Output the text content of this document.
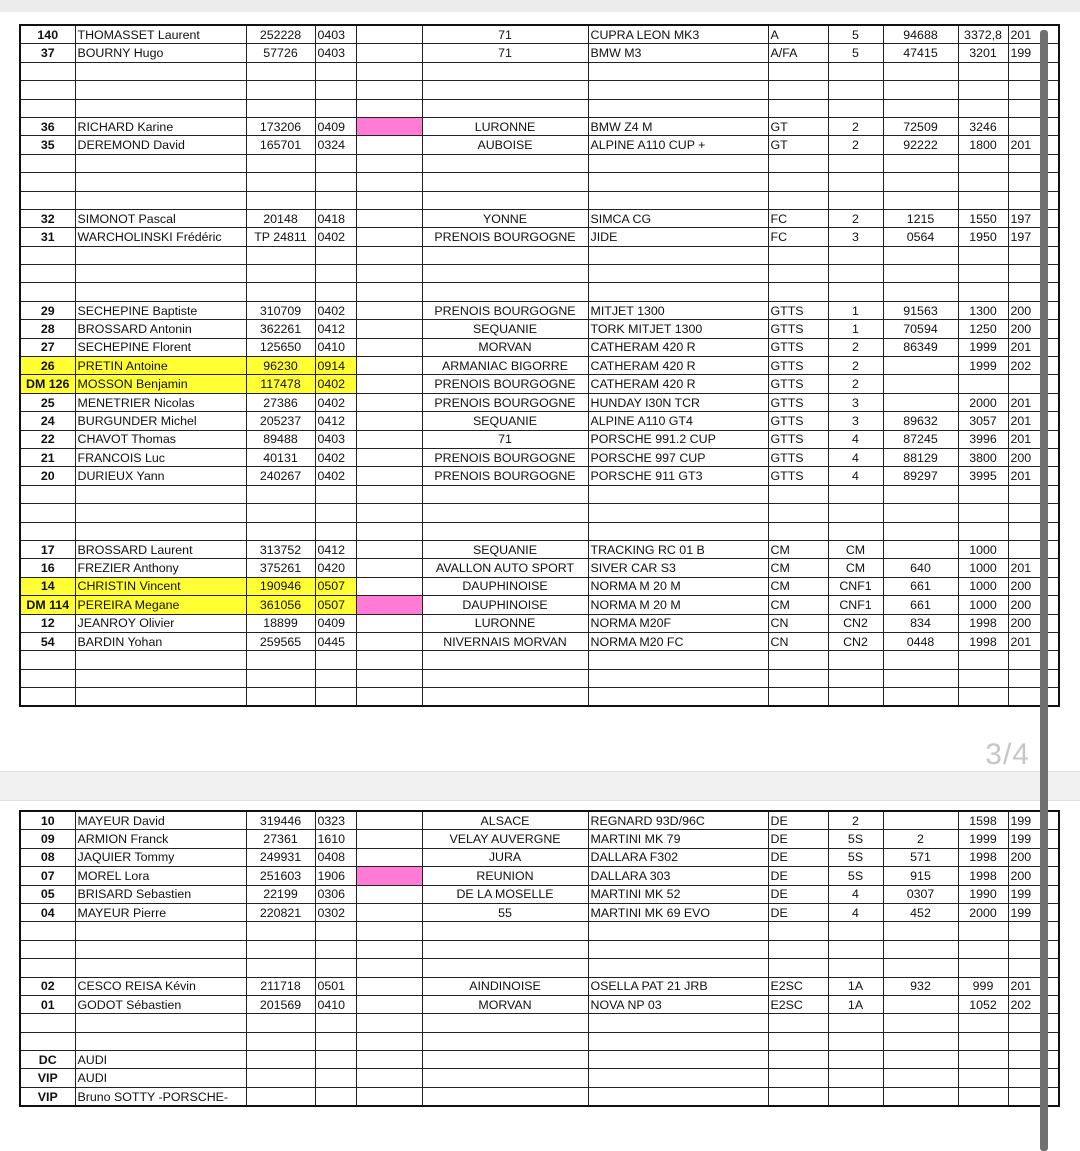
140	THOMASSET Laurent	252228	0403		71	CUPRA LEON MK3	A	5	94688	3372,8	201
37	BOURNY Hugo	57726	0403		71	BMW M3	A/FA	5	47415	3201	199

36	RICHARD Karine	173206	0409		LURONNE	BMW Z4 M	GT	2	72509	3246	
35	DEREMOND David	165701	0324		AUBOISE	ALPINE A110 CUP +	GT	2	92222	1800	201

32	SIMONOT Pascal	20148	0418		YONNE	SIMCA CG	FC	2	1215	1550	197
31	WARCHOLINSKI Frédéric	TP 24811	0402		PRENOIS BOURGOGNE	JIDE	FC	3	0564	1950	197

29	SECHEPINE Baptiste	310709	0402		PRENOIS BOURGOGNE	MITJET 1300	GTTS	1	91563	1300	200
28	BROSSARD Antonin	362261	0412		SEQUANIE	TORK MITJET 1300	GTTS	1	70594	1250	200
27	SECHEPINE Florent	125650	0410		MORVAN	CATHERAM 420 R	GTTS	2	86349	1999	201
26	PRETIN Antoine	96230	0914		ARMANIAC BIGORRE	CATHERAM 420 R	GTTS	2		1999	202
DM 126	MOSSON Benjamin	117478	0402		PRENOIS BOURGOGNE	CATHERAM 420 R	GTTS	2			
25	MENETRIER Nicolas	27386	0402		PRENOIS BOURGOGNE	HUNDAY I30N TCR	GTTS	3		2000	201
24	BURGUNDER Michel	205237	0412		SEQUANIE	ALPINE A110 GT4	GTTS	3	89632	3057	201
22	CHAVOT Thomas	89488	0403		71	PORSCHE 991.2 CUP	GTTS	4	87245	3996	201
21	FRANCOIS Luc	40131	0402		PRENOIS BOURGOGNE	PORSCHE 997 CUP	GTTS	4	88129	3800	200
20	DURIEUX Yann	240267	0402		PRENOIS BOURGOGNE	PORSCHE 911 GT3	GTTS	4	89297	3995	201

17	BROSSARD Laurent	313752	0412		SEQUANIE	TRACKING RC 01 B	CM	CM		1000	
16	FREZIER Anthony	375261	0420		AVALLON AUTO SPORT	SIVER CAR S3	CM	CM	640	1000	201
14	CHRISTIN Vincent	190946	0507		DAUPHINOISE	NORMA M 20 M	CM	CNF1	661	1000	200
DM 114	PEREIRA Megane	361056	0507		DAUPHINOISE	NORMA M 20 M	CM	CNF1	661	1000	200
12	JEANROY Olivier	18899	0409		LURONNE	NORMA M20F	CN	CN2	834	1998	200
54	BARDIN Yohan	259565	0445		NIVERNAIS MORVAN	NORMA M20 FC	CN	CN2	0448	1998	201

3/4
10	MAYEUR David	319446	0323		ALSACE	REGNARD 93D/96C	DE	2		1598	199
09	ARMION Franck	27361	1610		VELAY AUVERGNE	MARTINI MK 79	DE	5S	2	1999	199
08	JAQUIER Tommy	249931	0408		JURA	DALLARA F302	DE	5S	571	1998	200
07	MOREL Lora	251603	1906		REUNION	DALLARA 303	DE	5S	915	1998	200
05	BRISARD Sebastien	22199	0306		DE LA MOSELLE	MARTINI MK 52	DE	4	0307	1990	199
04	MAYEUR Pierre	220821	0302		55	MARTINI MK 69 EVO	DE	4	452	2000	199

02	CESCO REISA Kévin	211718	0501		AINDINOISE	OSELLA PAT 21 JRB	E2SC	1A	932	999	201
01	GODOT Sébastien	201569	0410		MORVAN	NOVA NP 03	E2SC	1A		1052	202

DC	AUDI										
VIP	AUDI										
VIP	Bruno SOTTY -PORSCHE-										
